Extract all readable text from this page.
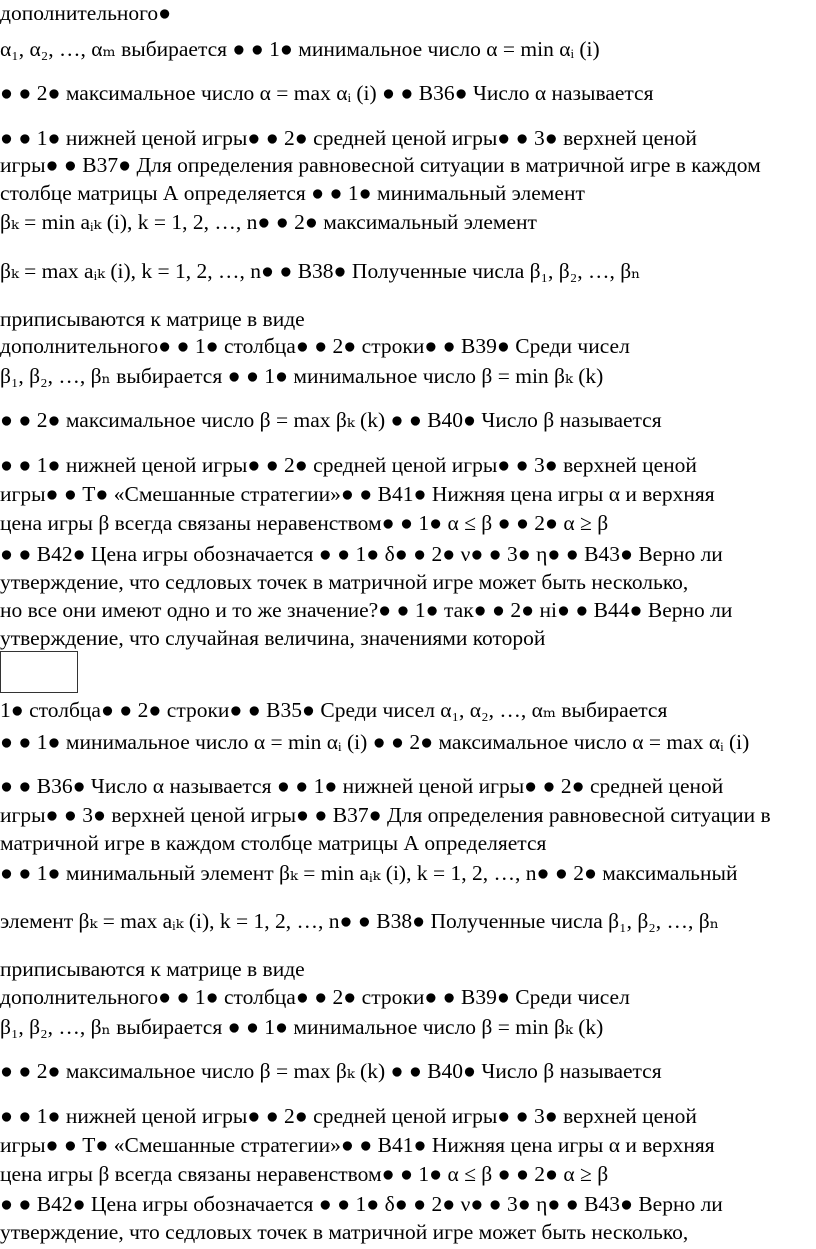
дополнительного●
α₁, α₂, …, αₘ выбирается ● ● 1● минимальное число α = min αᵢ (i)
● ● 2● максимальное число α = max αᵢ (i) ● ● В36● Число α называется
● ● 1● нижней ценой игры● ● 2● средней ценой игры● ● 3● верхней ценой
игры● ● В37● Для определения равновесной ситуации в матричной игре в каждом
столбце матрицы А определяется ● ● 1● минимальный элемент
βₖ = min aᵢₖ (i), k = 1, 2, …, n● ● 2● максимальный элемент
βₖ = max aᵢₖ (i), k = 1, 2, …, n● ● В38● Полученные числа β₁, β₂, …, βₙ
приписываются к матрице в виде
дополнительного● ● 1● столбца● ● 2● строки● ● В39● Среди чисел
β₁, β₂, …, βₙ выбирается ● ● 1● минимальное число β = min βₖ (k)
● ● 2● максимальное число β = max βₖ (k) ● ● В40● Число β называется
● ● 1● нижней ценой игры● ● 2● средней ценой игры● ● 3● верхней ценой
игры● ● Т● «Смешанные стратегии»● ● В41● Нижняя цена игры α и верхняя
цена игры β всегда связаны неравенством● ● 1● α ≤ β ● ● 2● α ≥ β
● ● В42● Цена игры обозначается ● ● 1● δ● ● 2● ν● ● 3● η● ● В43● Верно ли
утверждение, что седловых точек в матричной игре может быть несколько,
но все они имеют одно и то же значение?● ● 1● так● ● 2● ні● ● В44● Верно ли
утверждение, что случайная величина, значениями которой
1● столбца● ● 2● строки● ● В35● Среди чисел α₁, α₂, …, αₘ выбирается
● ● 1● минимальное число α = min αᵢ (i) ● ● 2● максимальное число α = max αᵢ (i)
● ● В36● Число α называется ● ● 1● нижней ценой игры● ● 2● средней ценой
игры● ● 3● верхней ценой игры● ● В37● Для определения равновесной ситуации в
матричной игре в каждом столбце матрицы А определяется
● ● 1● минимальный элемент βₖ = min aᵢₖ (i), k = 1, 2, …, n● ● 2● максимальный
элемент βₖ = max aᵢₖ (i), k = 1, 2, …, n● ● В38● Полученные числа β₁, β₂, …, βₙ
приписываются к матрице в виде
дополнительного● ● 1● столбца● ● 2● строки● ● В39● Среди чисел
β₁, β₂, …, βₙ выбирается ● ● 1● минимальное число β = min βₖ (k)
● ● 2● максимальное число β = max βₖ (k) ● ● В40● Число β называется
● ● 1● нижней ценой игры● ● 2● средней ценой игры● ● 3● верхней ценой
игры● ● Т● «Смешанные стратегии»● ● В41● Нижняя цена игры α и верхняя
цена игры β всегда связаны неравенством● ● 1● α ≤ β ● ● 2● α ≥ β
● ● В42● Цена игры обозначается ● ● 1● δ● ● 2● ν● ● 3● η● ● В43● Верно ли
утверждение, что седловых точек в матричной игре может быть несколько,
